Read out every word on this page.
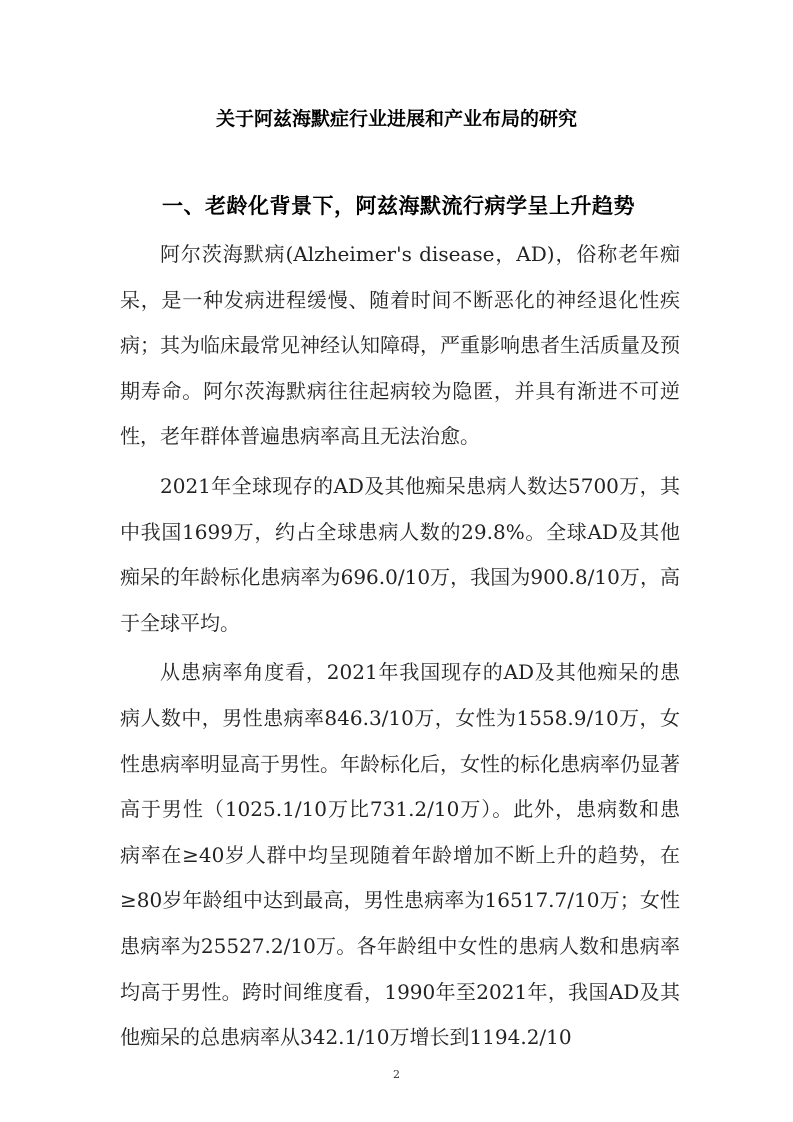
关于阿兹海默症行业进展和产业布局的研究
一、老龄化背景下，阿兹海默流行病学呈上升趋势

阿尔茨海默病(Alzheimer's disease，AD)，俗称老年痴呆，是一种发病进程缓慢、随着时间不断恶化的神经退化性疾病；其为临床最常见神经认知障碍，严重影响患者生活质量及预期寿命。阿尔茨海默病往往起病较为隐匿，并具有渐进不可逆性，老年群体普遍患病率高且无法治愈。

2021年全球现存的AD及其他痴呆患病人数达5700万，其中我国1699万，约占全球患病人数的29.8%。全球AD及其他痴呆的年龄标化患病率为696.0/10万，我国为900.8/10万，高于全球平均。

从患病率角度看，2021年我国现存的AD及其他痴呆的患病人数中，男性患病率846.3/10万，女性为1558.9/10万，女性患病率明显高于男性。年龄标化后，女性的标化患病率仍显著高于男性（1025.1/10万比731.2/10万）。此外，患病数和患病率在≥40岁人群中均呈现随着年龄增加不断上升的趋势，在≥80岁年龄组中达到最高，男性患病率为16517.7/10万；女性患病率为25527.2/10万。各年龄组中女性的患病人数和患病率均高于男性。跨时间维度看，1990年至2021年，我国AD及其他痴呆的总患病率从342.1/10万增长到1194.2/10

2
